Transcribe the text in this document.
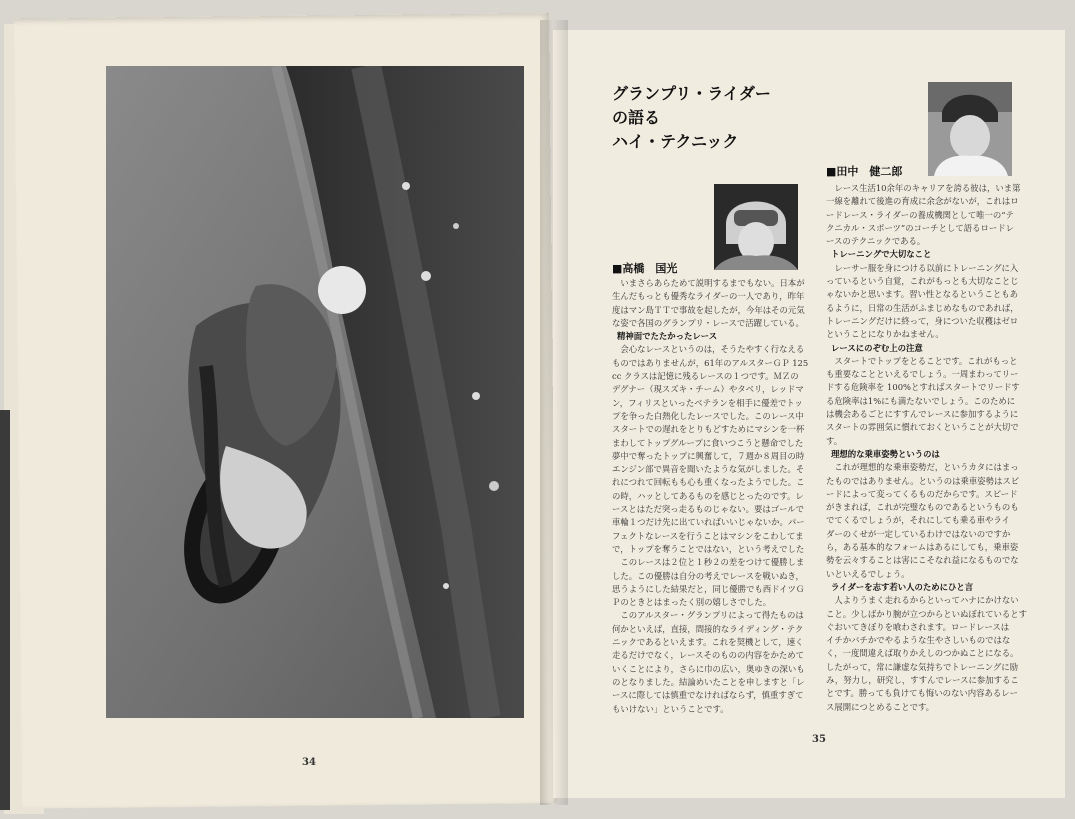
34
グランプリ・ライダー
の語る
ハイ・テクニック
■田中　健二郎
■高橋　国光

レース生活10余年のキャリアを誇る彼は，いま第

一線を離れて後進の育成に余念がないが，これはロ

ードレース・ライダーの養成機関として唯一の“テ

クニカル・スポーツ”のコーチとして語るロードレ

ースのテクニックである。

トレーニングで大切なこと

レーサー服を身につける以前にトレーニングに入

っているという自覚，これがもっとも大切なことじ

ゃないかと思います。習い性となるということもあ

るように，日常の生活がふまじめなものであれば，

トレーニングだけに終って，身についた収穫はゼロ

ということになりかねません。

レースにのぞむ上の注意

スタートでトップをとることです。これがもっと

も重要なことといえるでしょう。一周まわってリー

ドする危険率を 100%とすればスタートでリードす

る危険率は1%にも満たないでしょう。このために

は機会あるごとにすすんでレースに参加するように

スタートの雰囲気に慣れておくということが大切で

す。

理想的な乗車姿勢というのは

これが理想的な乗車姿勢だ，というカタにはまっ

たものではありません。というのは乗車姿勢はスピ

ードによって変ってくるものだからです。スピード

がきまれば，これが完璧なものであるというものも

でてくるでしょうが，それにしても乗る車やライ

ダーのくせが一定しているわけではないのですか

ら，ある基本的なフォームはあるにしても，乗車姿

勢を云々することは害にこそなれ益になるものでな

いといえるでしょう。

ライダーを志す若い人のためにひと言

人よりうまく走れるからといってハナにかけない

こと。少しばかり腕が立つからといぬぼれているとす

ぐおいてきぼりを喰わされます。ロードレースは

イチかバチかでやるような生やさしいものではな

く，一度間違えば取りかえしのつかぬことになる。

したがって，常に謙虚な気持ちでトレーニングに励

み，努力し，研究し，すすんでレースに参加するこ

とです。勝っても負けても悔いのない内容あるレー

ス展開につとめることです。

いまさらあらためて説明するまでもない。日本が

生んだもっとも優秀なライダーの一人であり，昨年

度はマン島ＴＴで事故を起したが，今年はその元気

な姿で各国のグランプリ・レースで活躍している。

精神面でたたかったレース

会心なレースというのは，そうたやすく行なえる

ものではありませんが，61年のアルスターＧＰ 125

cc クラスは記憶に残るレースの１つです。ＭＺの

デグナー（現スズキ・チーム）やタベリ，レッドマ

ン，フィリスといったベテランを相手に優差でトッ

プを争った白熱化したレースでした。このレース中

スタートでの遅れをとりもどすためにマシンを一杯

まわしてトップグループに食いつこうと懸命でした

夢中で奪ったトップに興奮して，７週か８周目の時

エンジン部で異音を聞いたような気がしました。そ

れにつれて回転もも心も重くなったようでした。こ

の時，ハッとしてあるものを感じとったのです。レ

ースとはただ突っ走るものじゃない。要はゴールで

車輪１つだけ先に出ていればいいじゃないか。パー

フェクトなレースを行うことはマシンをこわしてま

で，トップを奪うことではない，という考えでした

このレースは２位と１秒２の差をつけて優勝しま

した。この優勝は自分の考えでレースを戦いぬき，

思うようにした結果だと，同じ優勝でも西ドイツＧ

Ｐのときとはまったく別の嬉しさでした。

このアルスター・グランプリによって得たものは

何かといえば，直接，間接的なライディング・テク

ニックであるといえます。これを契機として，速く

走るだけでなく，レースそのものの内容をかためて

いくことにより，さらに巾の広い，奥ゆきの深いも

のとなりました。結論めいたことを申しますと「レ

ースに際しては慎重でなければならず，慎重すぎて

もいけない」ということです。

35
